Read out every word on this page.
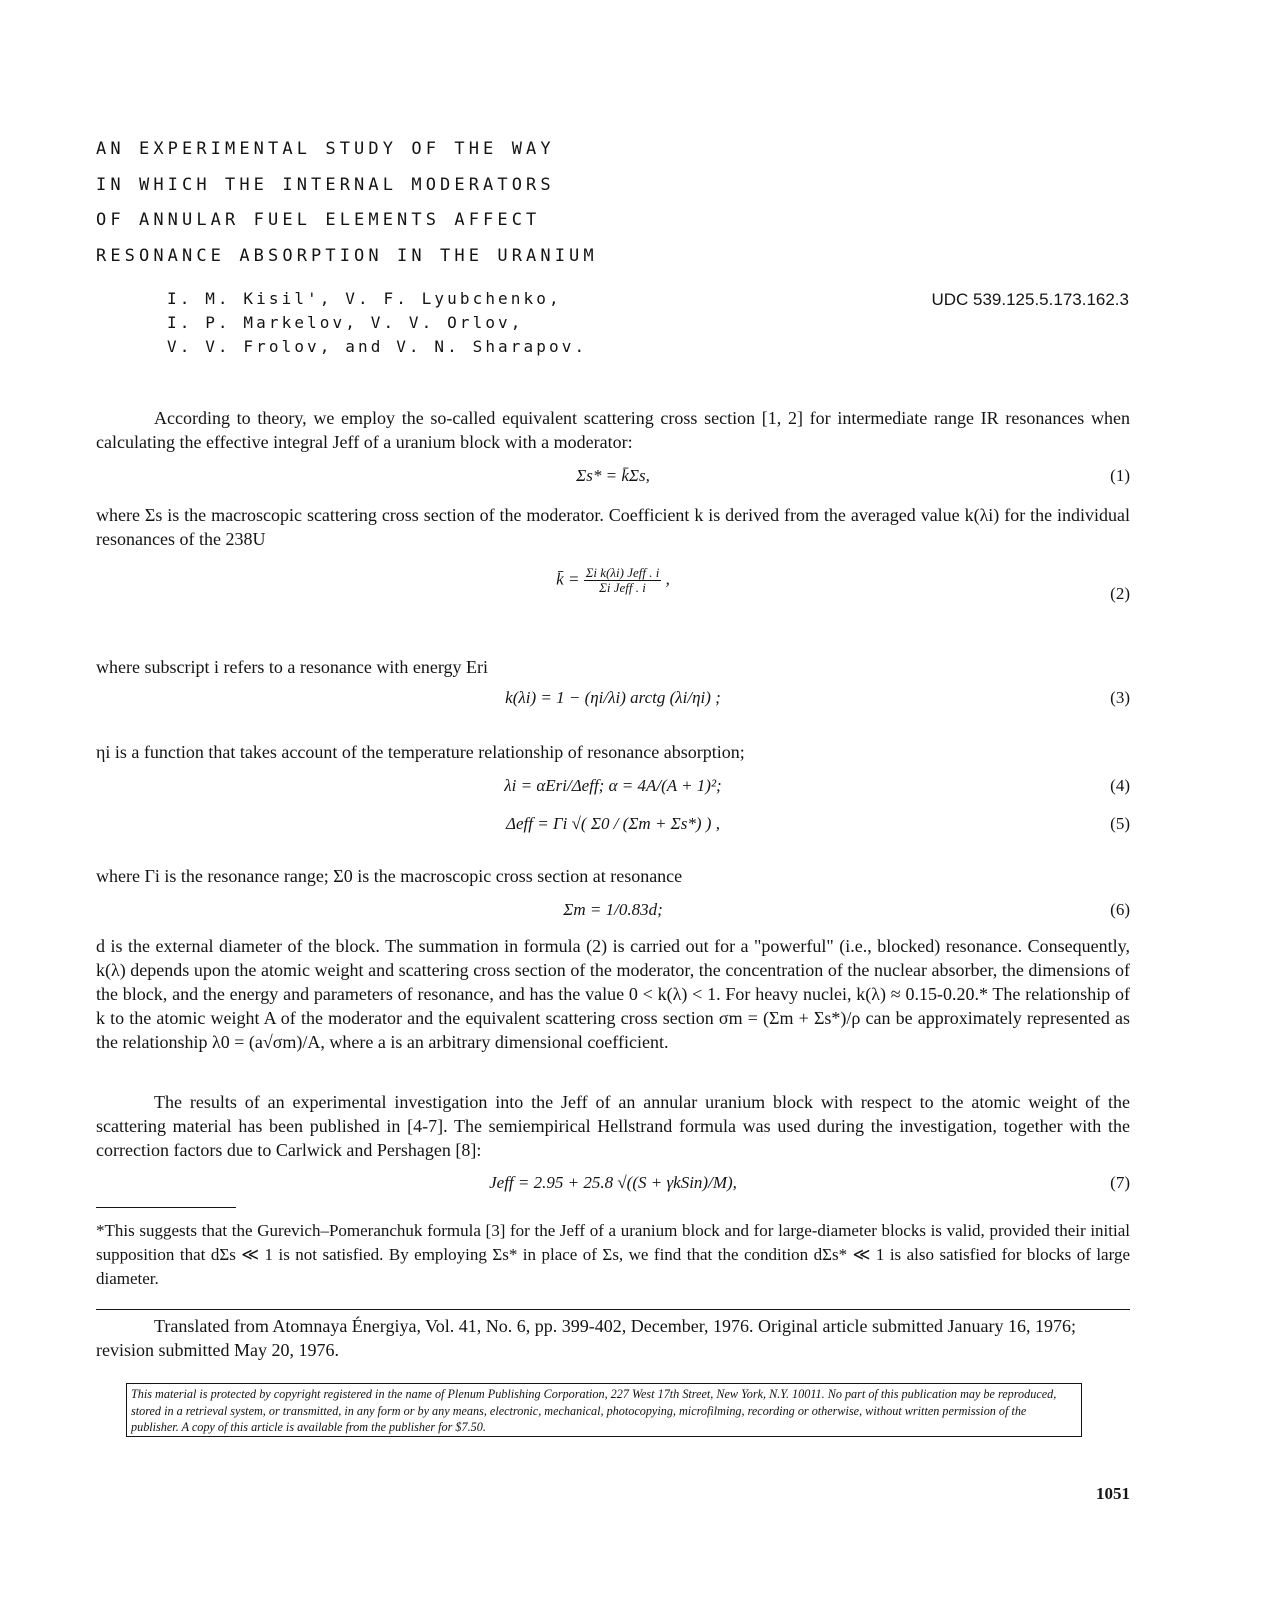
AN EXPERIMENTAL STUDY OF THE WAY
IN WHICH THE INTERNAL MODERATORS
OF ANNULAR FUEL ELEMENTS AFFECT
RESONANCE ABSORPTION IN THE URANIUM
I. M. Kisil', V. F. Lyubchenko,
I. P. Markelov, V. V. Orlov,
V. V. Frolov, and V. N. Sharapov.
UDC 539.125.5.173.162.3
According to theory, we employ the so-called equivalent scattering cross section [1, 2] for intermediate range IR resonances when calculating the effective integral Jeff of a uranium block with a moderator:
Σs* = k̄Σs,	(1)
where Σs is the macroscopic scattering cross section of the moderator. Coefficient k is derived from the averaged value k(λi) for the individual resonances of the 238U
k̄ = $\frac{\text{Σi k(λi) Jeff . i}}{\text{Σi Jeff . i}}$ ,
(2)
where subscript i refers to a resonance with energy Eri
k(λi) = 1 − (ηi/λi) arctg (λi/ηi) ;	(3)
ηi is a function that takes account of the temperature relationship of resonance absorption;
λi = αEri/Δeff; α = 4A/(A + 1)²;	(4)
Δeff = Γi √( Σ0 / (Σm + Σs*) ) ,	(5)
where Γi is the resonance range; Σ0 is the macroscopic cross section at resonance
Σm = 1/0.83d;	(6)
d is the external diameter of the block. The summation in formula (2) is carried out for a "powerful" (i.e., blocked) resonance. Consequently, k(λ) depends upon the atomic weight and scattering cross section of the moderator, the concentration of the nuclear absorber, the dimensions of the block, and the energy and parameters of resonance, and has the value 0 < k(λ) < 1. For heavy nuclei, k(λ) ≈ 0.15-0.20.* The relationship of k to the atomic weight A of the moderator and the equivalent scattering cross section σm = (Σm + Σs*)/ρ can be approximately represented as the relationship λ0 = (a√σm)/A, where a is an arbitrary dimensional coefficient.
The results of an experimental investigation into the Jeff of an annular uranium block with respect to the atomic weight of the scattering material has been published in [4-7]. The semiempirical Hellstrand formula was used during the investigation, together with the correction factors due to Carlwick and Pershagen [8]:
Jeff = 2.95 + 25.8 √((S + γkSin)/M),	(7)
*This suggests that the Gurevich–Pomeranchuk formula [3] for the Jeff of a uranium block and for large-diameter blocks is valid, provided their initial supposition that dΣs ≪ 1 is not satisfied. By employing Σs* in place of Σs, we find that the condition dΣs* ≪ 1 is also satisfied for blocks of large diameter.
Translated from Atomnaya Énergiya, Vol. 41, No. 6, pp. 399-402, December, 1976. Original article submitted January 16, 1976; revision submitted May 20, 1976.
This material is protected by copyright registered in the name of Plenum Publishing Corporation, 227 West 17th Street, New York, N.Y. 10011. No part of this publication may be reproduced, stored in a retrieval system, or transmitted, in any form or by any means, electronic, mechanical, photocopying, microfilming, recording or otherwise, without written permission of the publisher. A copy of this article is available from the publisher for $7.50.
1051
